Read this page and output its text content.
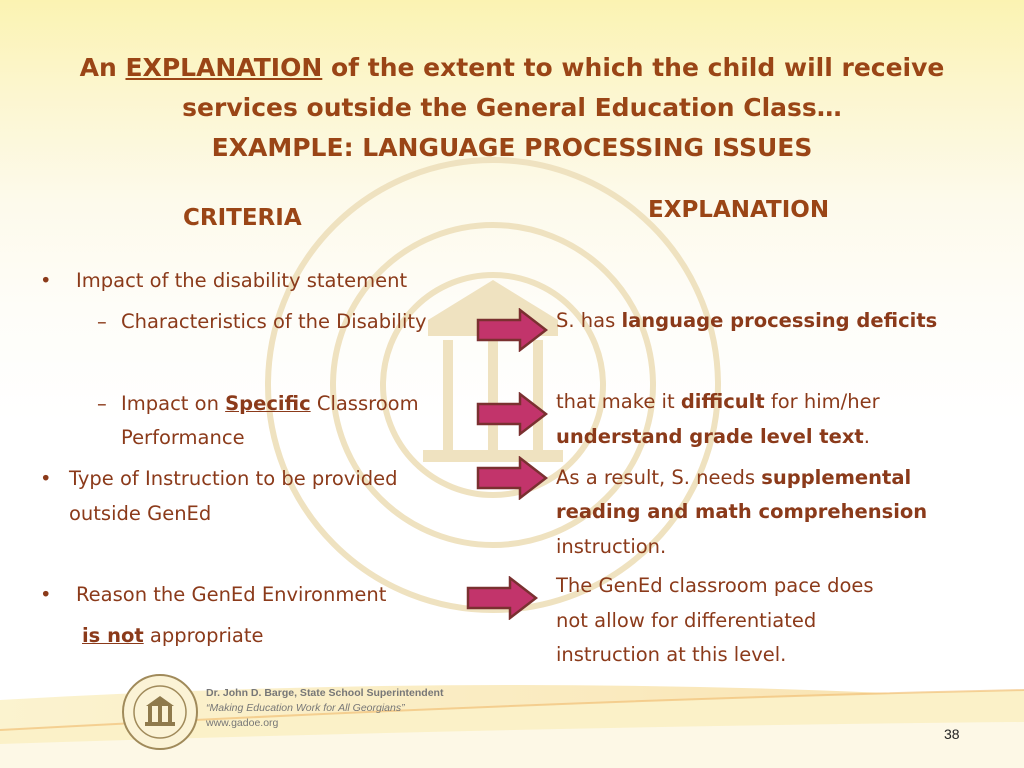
An EXPLANATION of the extent to which the child will receive
services outside the General Education Class…
EXAMPLE: LANGUAGE PROCESSING ISSUES
CRITERIA	EXPLANATION
• Impact of the disability statement
– Characteristics of the Disability
– Impact on Specific Classroom
Performance
• Type of Instruction to be provided
outside GenEd
• Reason the GenEd Environment
is not appropriate
S. has language processing deficits
that make it difficult for him/her
understand grade level text.
As a result, S. needs supplemental
reading and math comprehension
instruction.
The GenEd classroom pace does
not allow for differentiated
instruction at this level.
Dr. John D. Barge, State School Superintendent
“Making Education Work for All Georgians”
www.gadoe.org
38
